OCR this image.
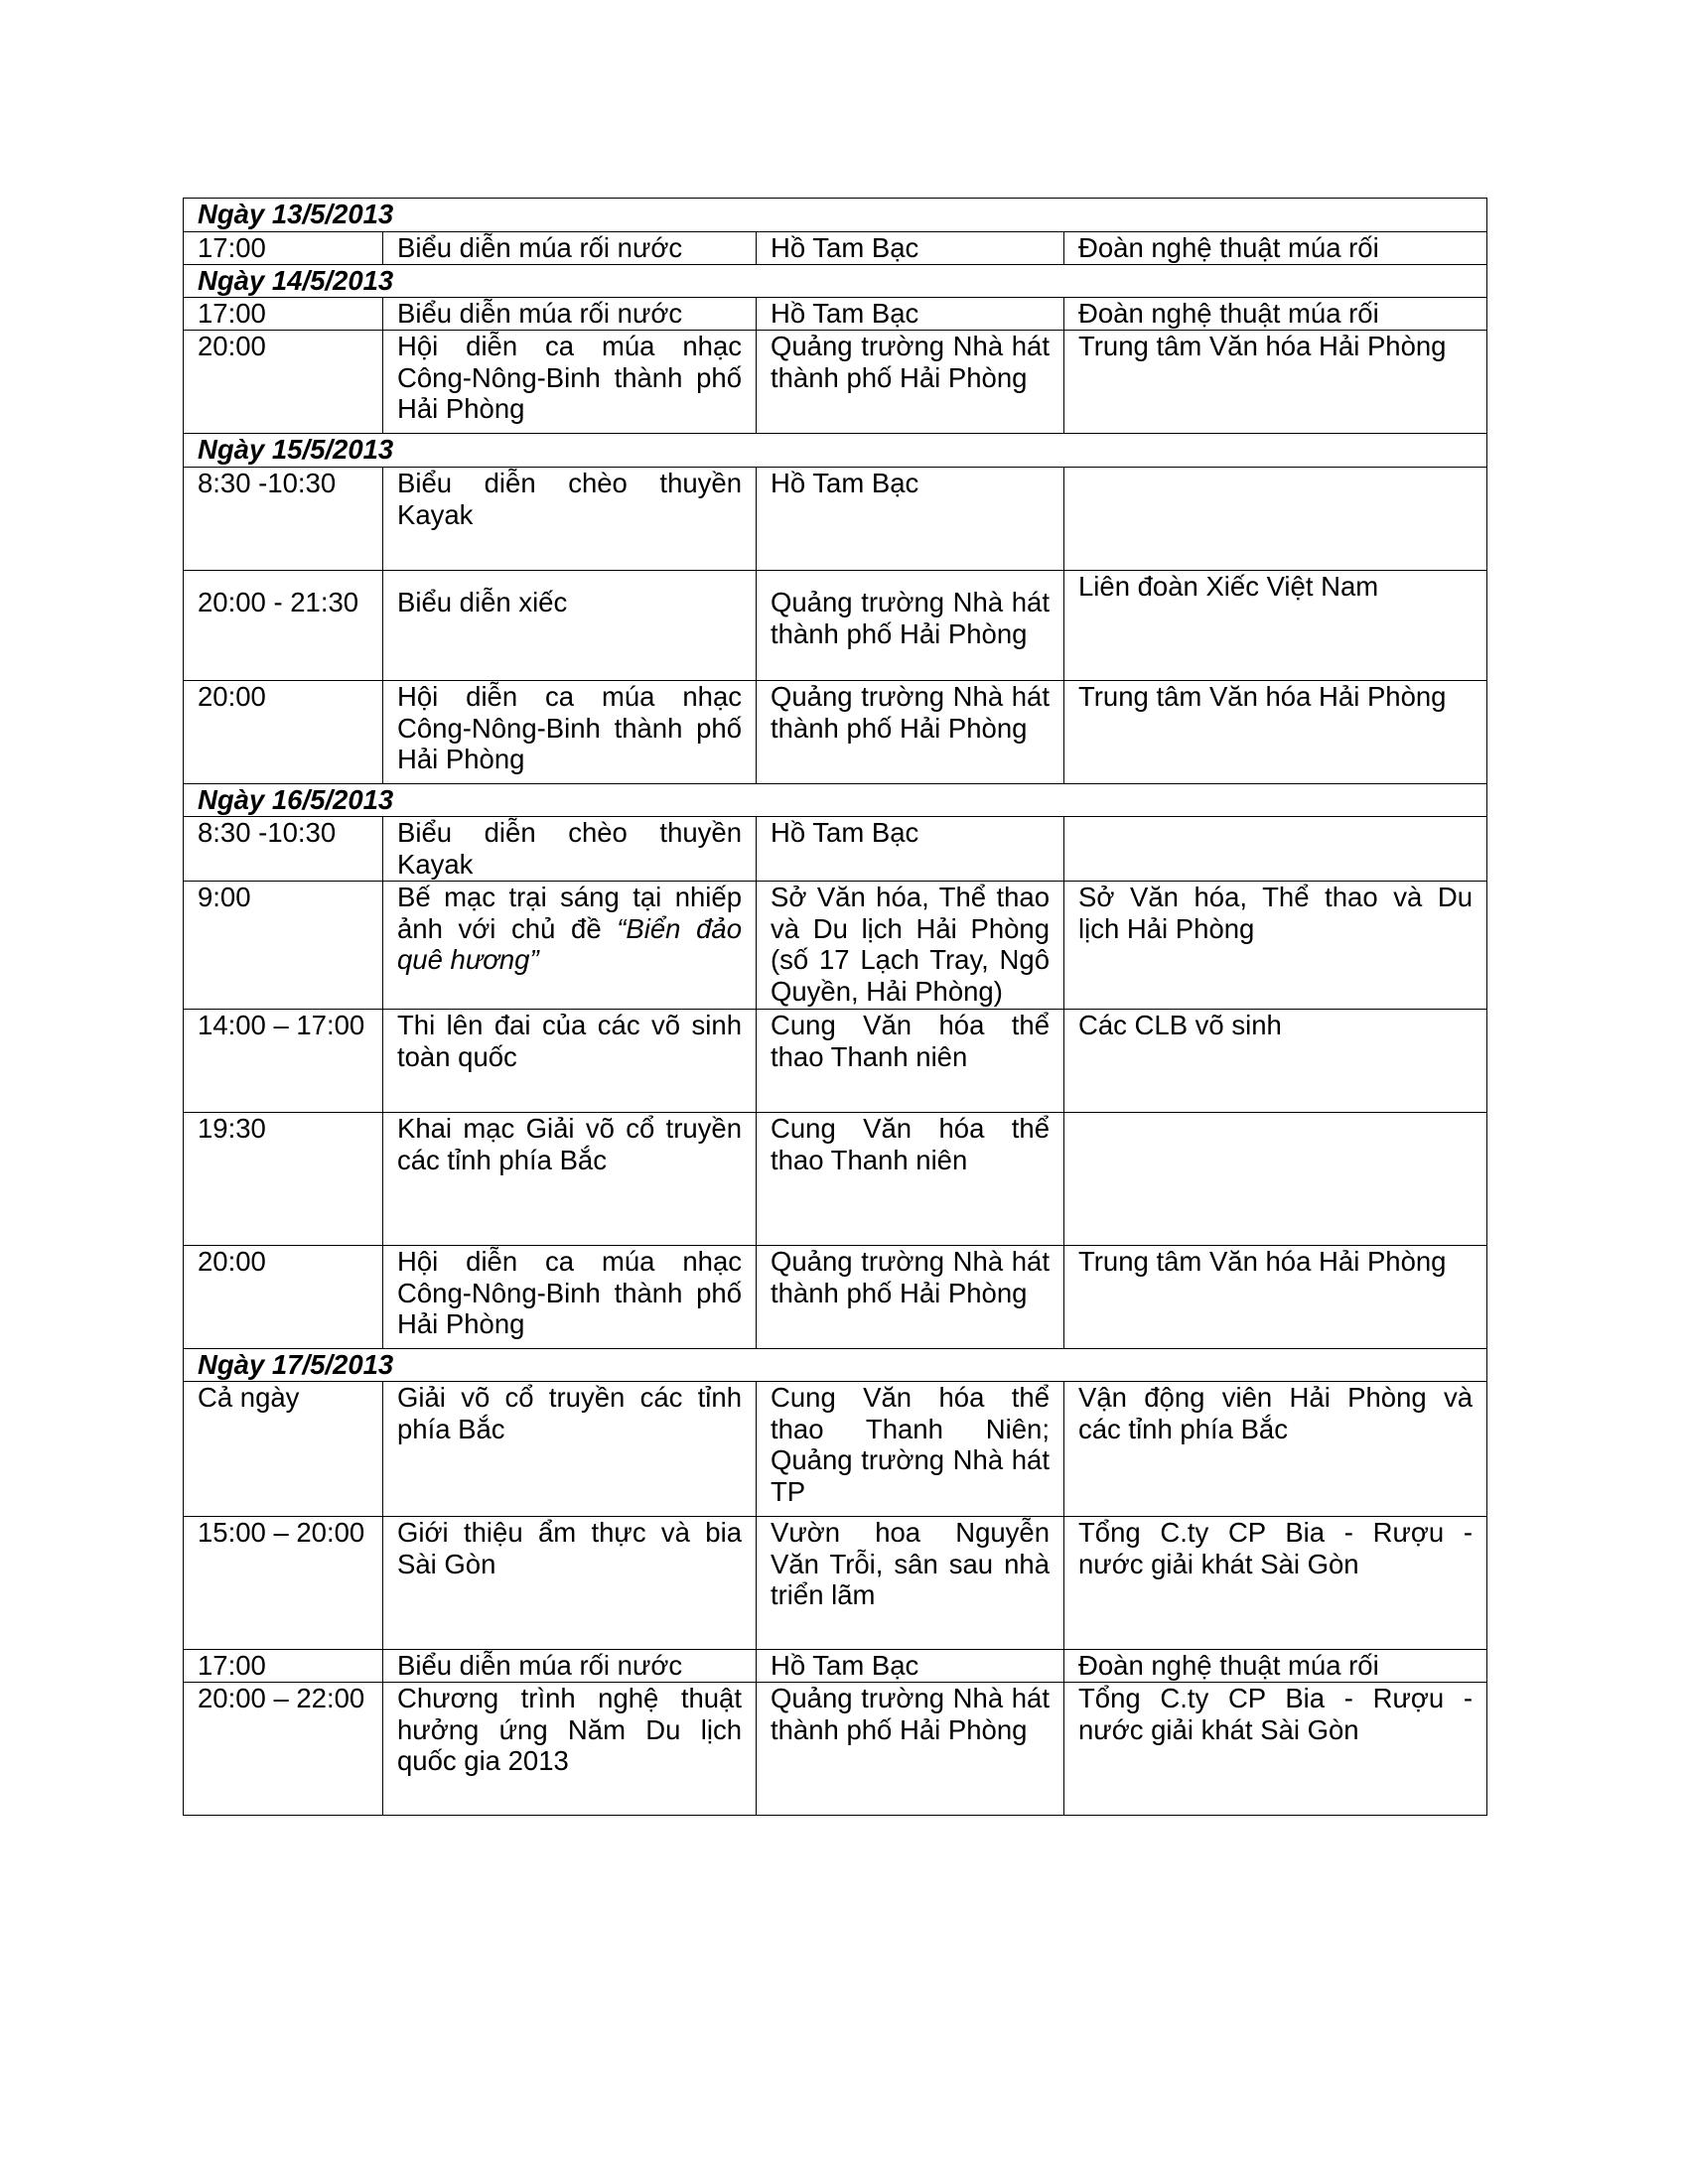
Ngày 13/5/2013			
17:00	Biểu diễn múa rối nước	Hồ Tam Bạc	Đoàn nghệ thuật múa rối
Ngày 14/5/2013			
17:00	Biểu diễn múa rối nước	Hồ Tam Bạc	Đoàn nghệ thuật múa rối
20:00	Hội diễn ca múa nhạc Công-Nông-Binh thành phố Hải Phòng	Quảng trường Nhà hát thành phố Hải Phòng	Trung tâm Văn hóa Hải Phòng
Ngày 15/5/2013			
8:30 -10:30	Biểu diễn chèo thuyền Kayak	Hồ Tam Bạc	
20:00 - 21:30	Biểu diễn xiếc	Quảng trường Nhà hát thành phố Hải Phòng	Liên đoàn Xiếc Việt Nam
20:00	Hội diễn ca múa nhạc Công-Nông-Binh thành phố Hải Phòng	Quảng trường Nhà hát thành phố Hải Phòng	Trung tâm Văn hóa Hải Phòng
Ngày 16/5/2013			
8:30 -10:30	Biểu diễn chèo thuyền Kayak	Hồ Tam Bạc	
9:00	Bế mạc trại sáng tại nhiếp ảnh với chủ đề “Biển đảo quê hương”	Sở Văn hóa, Thể thao và Du lịch Hải Phòng (số 17 Lạch Tray, Ngô Quyền, Hải Phòng)	Sở Văn hóa, Thể thao và Du lịch Hải Phòng
14:00 – 17:00	Thi lên đai của các võ sinh toàn quốc	Cung Văn hóa thể thao Thanh niên	Các CLB võ sinh
19:30	Khai mạc Giải võ cổ truyền các tỉnh phía Bắc	Cung Văn hóa thể thao Thanh niên	
20:00	Hội diễn ca múa nhạc Công-Nông-Binh thành phố Hải Phòng	Quảng trường Nhà hát thành phố Hải Phòng	Trung tâm Văn hóa Hải Phòng
Ngày 17/5/2013			
Cả ngày	Giải võ cổ truyền các tỉnh phía Bắc	Cung Văn hóa thể thao Thanh Niên; Quảng trường Nhà hát TP	Vận động viên Hải Phòng và các tỉnh phía Bắc
15:00 – 20:00	Giới thiệu ẩm thực và bia Sài Gòn	Vườn hoa Nguyễn Văn Trỗi, sân sau nhà triển lãm	Tổng C.ty CP Bia - Rượu - nước giải khát Sài Gòn
17:00	Biểu diễn múa rối nước	Hồ Tam Bạc	Đoàn nghệ thuật múa rối
20:00 – 22:00	Chương trình nghệ thuật hưởng ứng Năm Du lịch quốc gia 2013	Quảng trường Nhà hát thành phố Hải Phòng	Tổng C.ty CP Bia - Rượu - nước giải khát Sài Gòn
